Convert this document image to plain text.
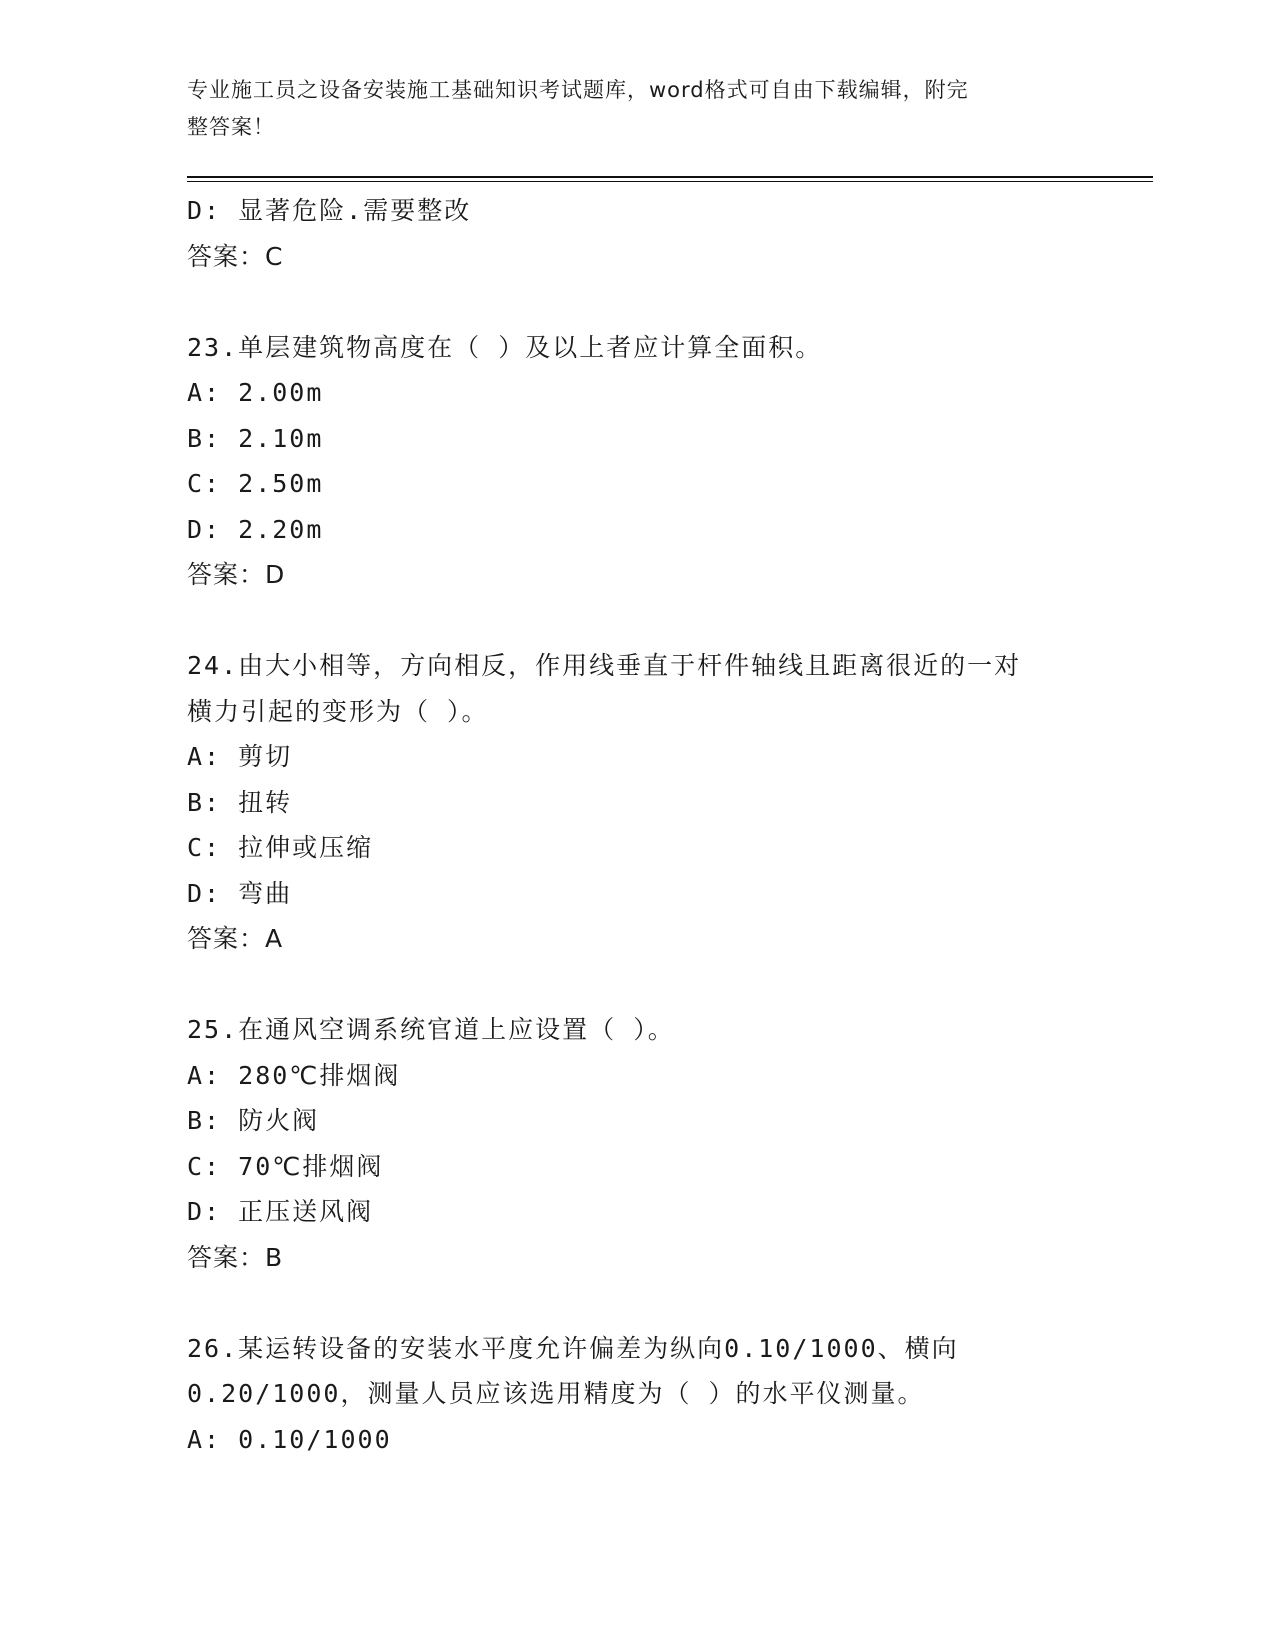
专业施工员之设备安装施工基础知识考试题库，word格式可自由下载编辑，附完
整答案！
D: 显著危险.需要整改
答案：C
23.单层建筑物高度在（ ）及以上者应计算全面积。
A: 2.00m
B: 2.10m
C: 2.50m
D: 2.20m
答案：D
24.由大小相等，方向相反，作用线垂直于杆件轴线且距离很近的一对
横力引起的变形为（ ）。
A: 剪切
B: 扭转
C: 拉伸或压缩
D: 弯曲
答案：A
25.在通风空调系统官道上应设置（ ）。
A: 280℃排烟阀
B: 防火阀
C: 70℃排烟阀
D: 正压送风阀
答案：B
26.某运转设备的安装水平度允许偏差为纵向0.10/1000、横向
0.20/1000，测量人员应该选用精度为（ ）的水平仪测量。
A: 0.10/1000
